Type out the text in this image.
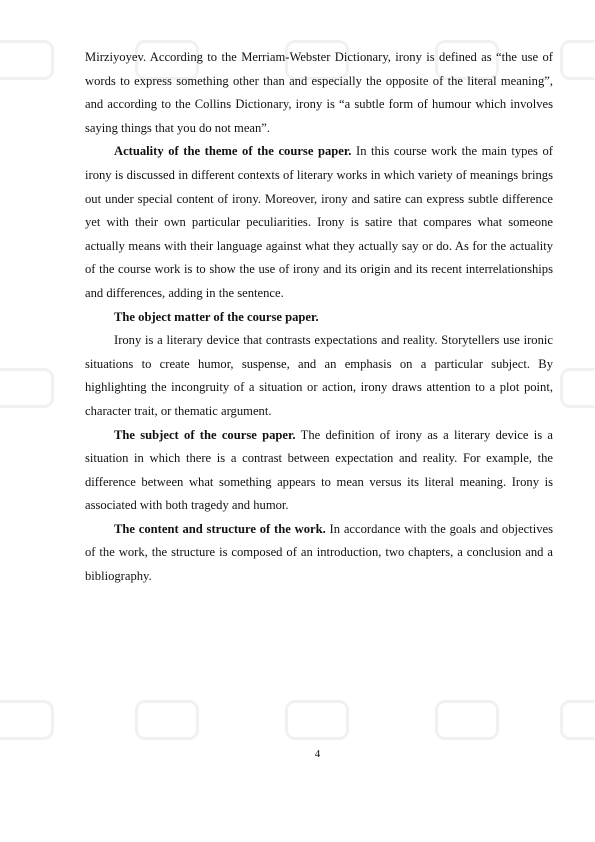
Mirziyoyev. According to the Merriam-Webster Dictionary, irony is defined as “the use of words to express something other than and especially the opposite of the literal meaning”, and according to the Collins Dictionary, irony is “a subtle form of humour which involves saying things that you do not mean”.

Actuality of the theme of the course paper. In this course work the main types of irony is discussed in different contexts of literary works in which variety of meanings brings out under special content of irony. Moreover, irony and satire can express subtle difference yet with their own particular peculiarities. Irony is satire that compares what someone actually means with their language against what they actually say or do. As for the actuality of the course work is to show the use of irony and its origin and its recent interrelationships and differences, adding in the sentence.

The object matter of the course paper.

Irony is a literary device that contrasts expectations and reality. Storytellers use ironic situations to create humor, suspense, and an emphasis on a particular subject. By highlighting the incongruity of a situation or action, irony draws attention to a plot point, character trait, or thematic argument.

The subject of the course paper. The definition of irony as a literary device is a situation in which there is a contrast between expectation and reality. For example, the difference between what something appears to mean versus its literal meaning. Irony is associated with both tragedy and humor.

The content and structure of the work. In accordance with the goals and objectives of the work, the structure is composed of an introduction, two chapters, a conclusion and a bibliography.

4
